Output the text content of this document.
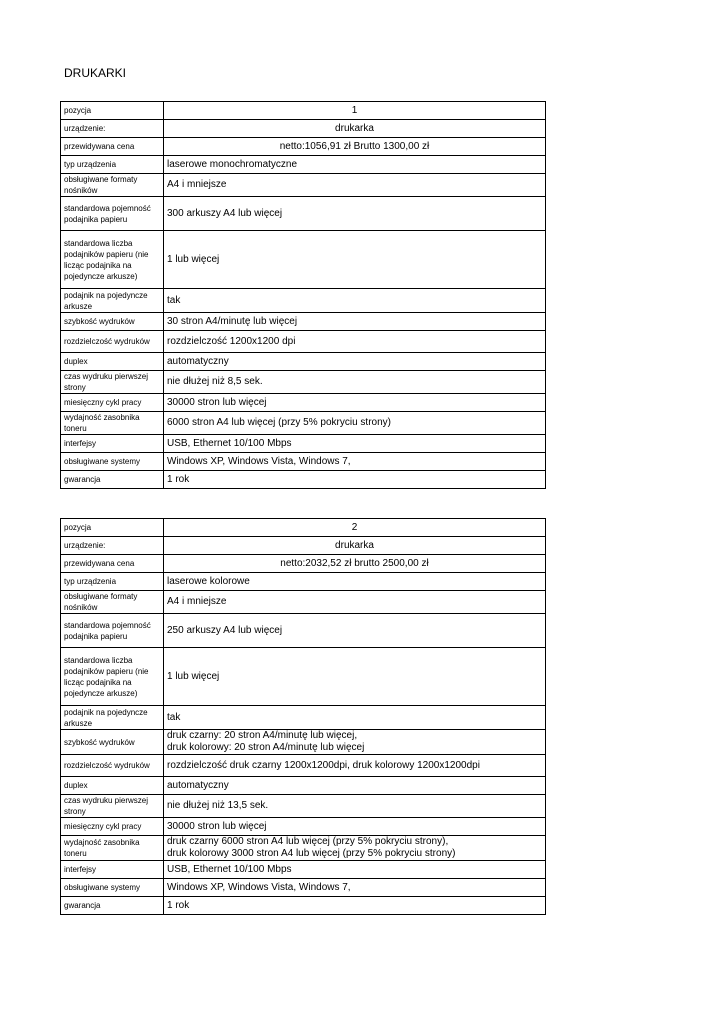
DRUKARKI
pozycja	1
urządzenie:	drukarka
przewidywana cena	netto:1056,91 zł Brutto 1300,00 zł
typ urządzenia	laserowe monochromatyczne
obsługiwane formaty nośników	A4 i mniejsze
standardowa pojemność podajnika papieru	300 arkuszy A4 lub więcej
standardowa liczba podajników papieru (nie licząc podajnika na pojedyncze arkusze)	1 lub więcej
podajnik na pojedyncze arkusze	tak
szybkość wydruków	30 stron A4/minutę lub więcej
rozdzielczość wydruków	rozdzielczość 1200x1200 dpi
duplex	automatyczny
czas wydruku pierwszej strony	nie dłużej niż 8,5 sek.
miesięczny cykl pracy	30000 stron lub więcej
wydajność zasobnika toneru	6000 stron A4 lub więcej (przy 5% pokryciu strony)
interfejsy	USB, Ethernet 10/100 Mbps
obsługiwane systemy	Windows XP, Windows Vista, Windows 7,
gwarancja	1 rok
pozycja	2
urządzenie:	drukarka
przewidywana cena	netto:2032,52 zł brutto 2500,00 zł
typ urządzenia	laserowe kolorowe
obsługiwane formaty nośników	A4 i mniejsze
standardowa pojemność podajnika papieru	250 arkuszy A4 lub więcej
standardowa liczba podajników papieru (nie licząc podajnika na pojedyncze arkusze)	1 lub więcej
podajnik na pojedyncze arkusze	tak
szybkość wydruków	druk czarny: 20 stron A4/minutę lub więcej,
druk kolorowy: 20 stron A4/minutę lub więcej
rozdzielczość wydruków	rozdzielczość druk czarny 1200x1200dpi, druk kolorowy 1200x1200dpi
duplex	automatyczny
czas wydruku pierwszej strony	nie dłużej niż 13,5 sek.
miesięczny cykl pracy	30000 stron lub więcej
wydajność zasobnika toneru	druk czarny 6000 stron A4 lub więcej (przy 5% pokryciu strony),
druk kolorowy 3000 stron A4 lub więcej (przy 5% pokryciu strony)
interfejsy	USB, Ethernet 10/100 Mbps
obsługiwane systemy	Windows XP, Windows Vista, Windows 7,
gwarancja	1 rok
